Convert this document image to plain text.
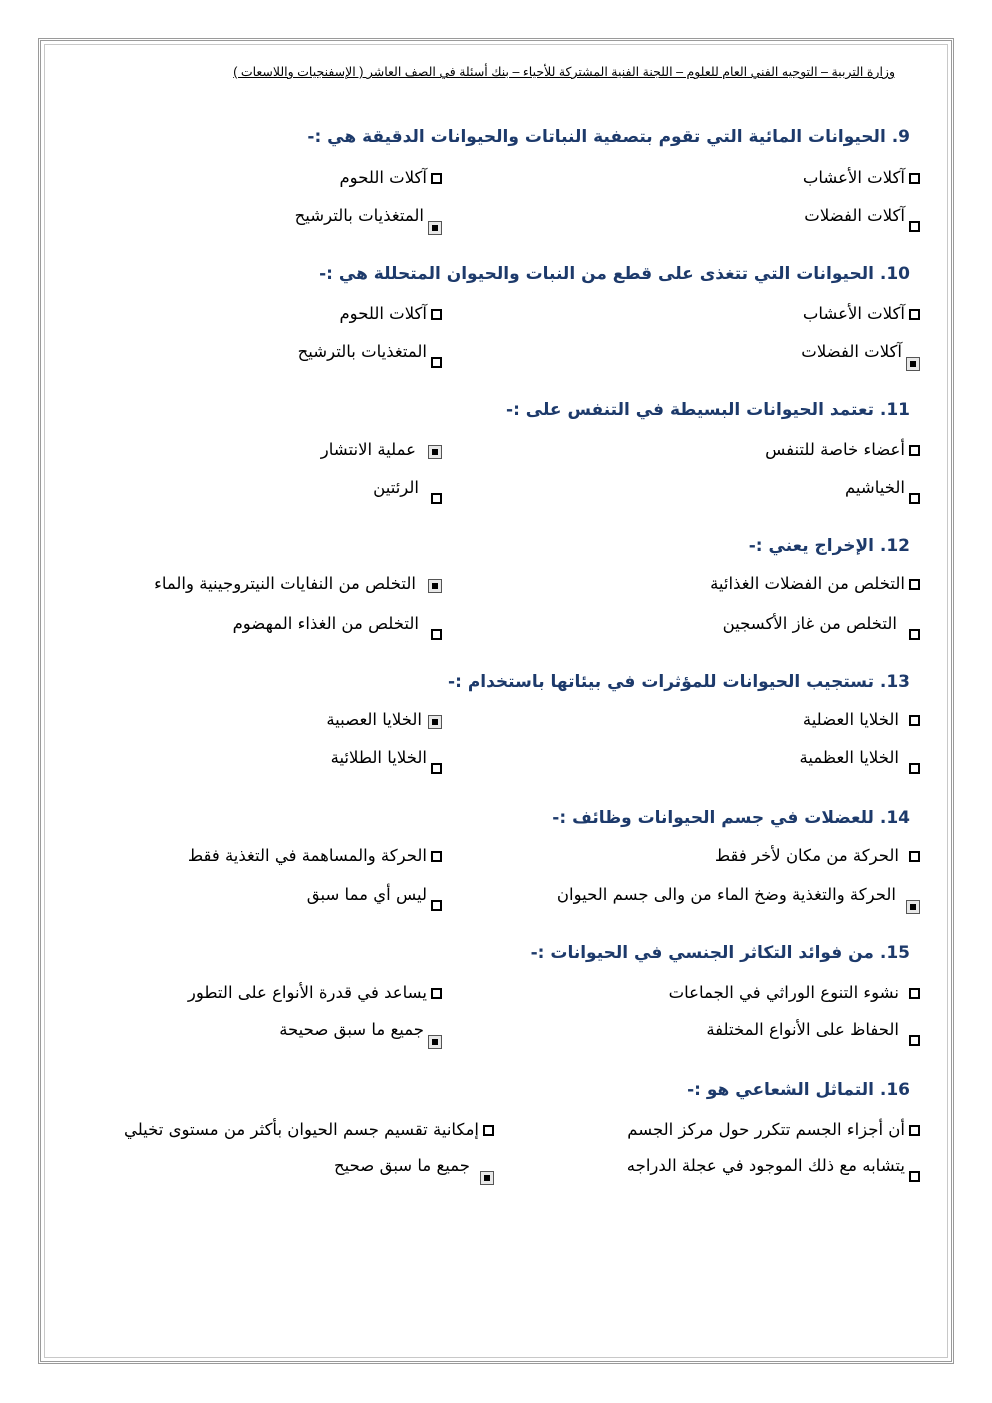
وزارة التربية – التوجيه الفني العام للعلوم – اللجنة الفنية المشتركة للأحياء – بنك أسئلة في الصف العاشر ( الإسفنجيات واللاسعات )
9. الحيوانات المائية التي تقوم بتصفية النباتات والحيوانات الدقيقة هي :-
آكلات الأعشاب
آكلات اللحوم
آكلات الفضلات
المتغذيات بالترشيح
10. الحيوانات التي تتغذى على قطع من النبات والحيوان المتحللة هي :-
آكلات الأعشاب
آكلات اللحوم
آكلات الفضلات
المتغذيات بالترشيح
11. تعتمد الحيوانات البسيطة في التنفس على :-
أعضاء خاصة للتنفس
عملية الانتشار
الخياشيم
الرئتين
12. الإخراج يعني :-
التخلص من الفضلات الغذائية
التخلص من النفايات النيتروجينية والماء
التخلص من غاز الأكسجين
التخلص من الغذاء المهضوم
13. تستجيب الحيوانات للمؤثرات في بيئاتها باستخدام :-
الخلايا العضلية
الخلايا العصبية
الخلايا العظمية
الخلايا الطلائية
14. للعضلات في جسم الحيوانات وظائف :-
الحركة من مكان لأخر فقط
الحركة والمساهمة في التغذية فقط
الحركة والتغذية وضخ الماء من والى جسم الحيوان
ليس أي مما سبق
15. من فوائد التكاثر الجنسي في الحيوانات :-
نشوء التنوع الوراثي في الجماعات
يساعد في قدرة الأنواع على التطور
الحفاظ على الأنواع المختلفة
جميع ما سبق صحيحة
16. التماثل الشعاعي هو :-
أن أجزاء الجسم تتكرر حول مركز الجسم
إمكانية تقسيم جسم الحيوان بأكثر من مستوى تخيلي
يتشابه مع ذلك الموجود في عجلة الدراجه
جميع ما سبق صحيح
